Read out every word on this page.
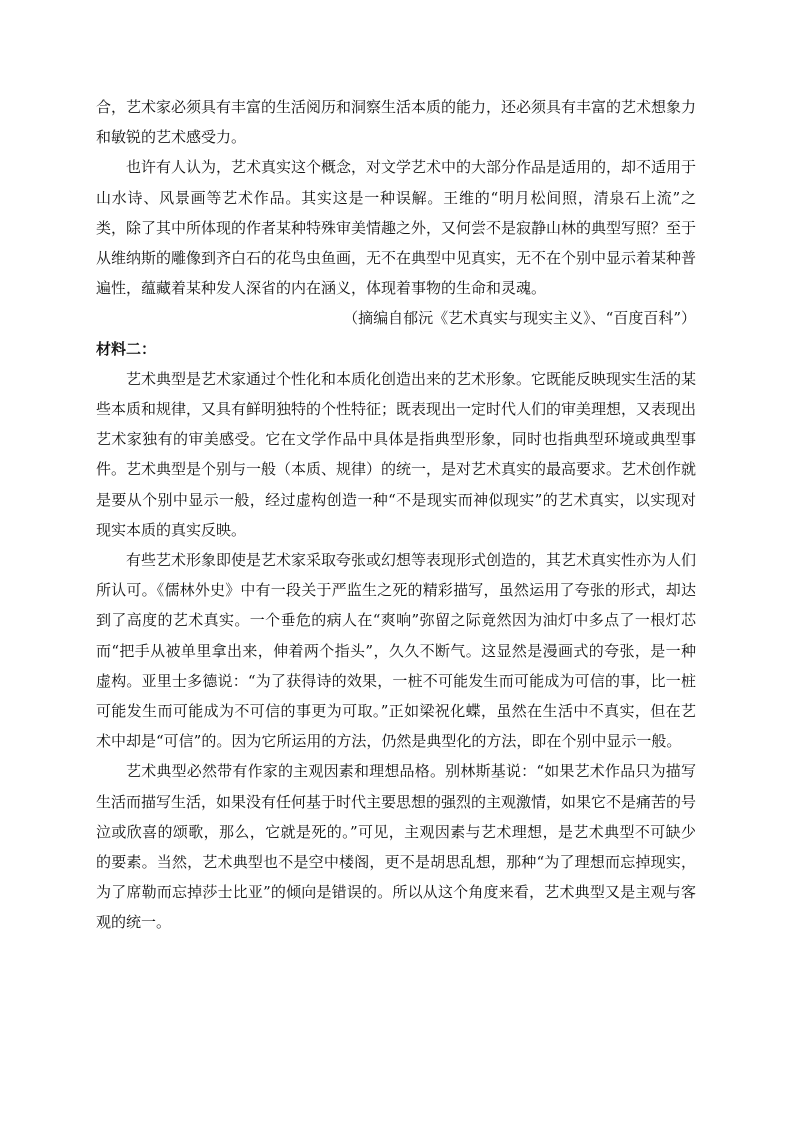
合，艺术家必须具有丰富的生活阅历和洞察生活本质的能力，还必须具有丰富的艺术想象力和敏锐的艺术感受力。

也许有人认为，艺术真实这个概念，对文学艺术中的大部分作品是适用的，却不适用于山水诗、风景画等艺术作品。其实这是一种误解。王维的“明月松间照，清泉石上流”之类，除了其中所体现的作者某种特殊审美情趣之外，又何尝不是寂静山林的典型写照？至于从维纳斯的雕像到齐白石的花鸟虫鱼画，无不在典型中见真实，无不在个别中显示着某种普遍性，蕴藏着某种发人深省的内在涵义，体现着事物的生命和灵魂。

（摘编自郁沅《艺术真实与现实主义》、“百度百科”）

材料二：

艺术典型是艺术家通过个性化和本质化创造出来的艺术形象。它既能反映现实生活的某些本质和规律，又具有鲜明独特的个性特征；既表现出一定时代人们的审美理想，又表现出艺术家独有的审美感受。它在文学作品中具体是指典型形象，同时也指典型环境或典型事件。艺术典型是个别与一般（本质、规律）的统一，是对艺术真实的最高要求。艺术创作就是要从个别中显示一般，经过虚构创造一种“不是现实而神似现实”的艺术真实，以实现对现实本质的真实反映。

有些艺术形象即使是艺术家采取夸张或幻想等表现形式创造的，其艺术真实性亦为人们所认可。《儒林外史》中有一段关于严监生之死的精彩描写，虽然运用了夸张的形式，却达到了高度的艺术真实。一个垂危的病人在“爽响”弥留之际竟然因为油灯中多点了一根灯芯而“把手从被单里拿出来，伸着两个指头”，久久不断气。这显然是漫画式的夸张，是一种虚构。亚里士多德说：“为了获得诗的效果，一桩不可能发生而可能成为可信的事，比一桩可能发生而可能成为不可信的事更为可取。”正如梁祝化蝶，虽然在生活中不真实，但在艺术中却是“可信”的。因为它所运用的方法，仍然是典型化的方法，即在个别中显示一般。

艺术典型必然带有作家的主观因素和理想品格。别林斯基说：“如果艺术作品只为描写生活而描写生活，如果没有任何基于时代主要思想的强烈的主观激情，如果它不是痛苦的号泣或欣喜的颂歌，那么，它就是死的。”可见，主观因素与艺术理想，是艺术典型不可缺少的要素。当然，艺术典型也不是空中楼阁，更不是胡思乱想，那种“为了理想而忘掉现实，为了席勒而忘掉莎士比亚”的倾向是错误的。所以从这个角度来看，艺术典型又是主观与客观的统一。
